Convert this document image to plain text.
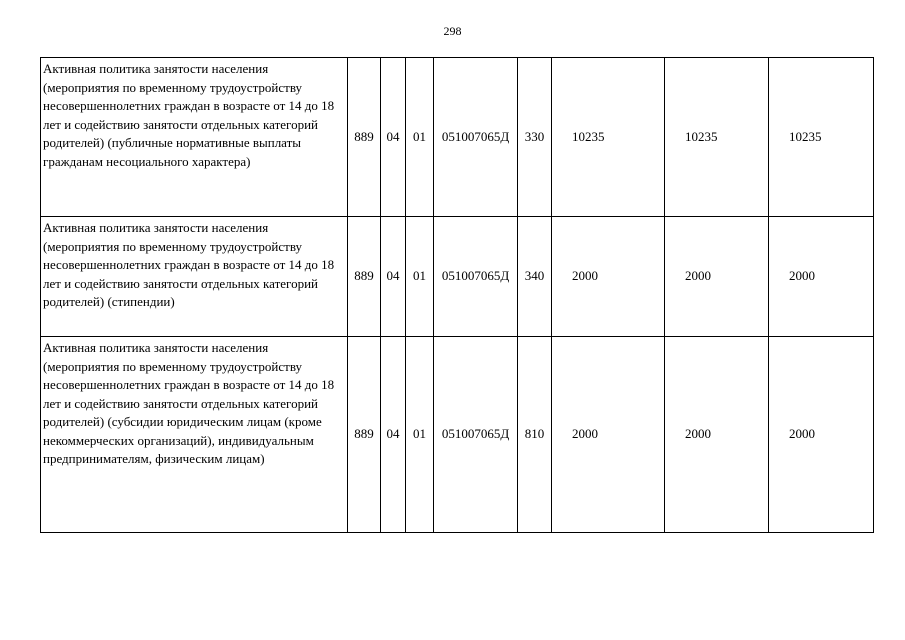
298
Активная политика занятости населения (мероприятия по временному трудоустройству несовершеннолетних граждан в возрасте от 14 до 18 лет и содействию занятости отдельных категорий родителей) (публичные нормативные выплаты гражданам несоциального характера)	889	04	01	051007065Д	330	10235	10235	10235
Активная политика занятости населения (мероприятия по временному трудоустройству несовершеннолетних граждан в возрасте от 14 до 18 лет и содействию занятости отдельных категорий родителей) (стипендии)	889	04	01	051007065Д	340	2000	2000	2000
Активная политика занятости населения (мероприятия по временному трудоустройству несовершеннолетних граждан в возрасте от 14 до 18 лет и содействию занятости отдельных категорий родителей) (субсидии юридическим лицам (кроме некоммерческих организаций), индивидуальным предпринимателям, физическим лицам)	889	04	01	051007065Д	810	2000	2000	2000
